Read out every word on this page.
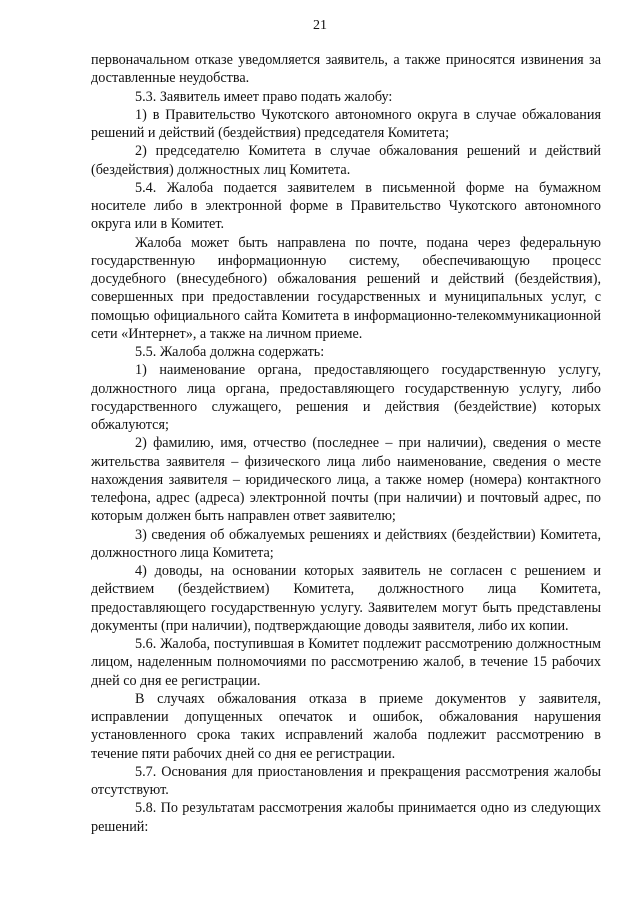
21

первоначальном отказе уведомляется заявитель, а также приносятся извинения за доставленные неудобства.

5.3. Заявитель имеет право подать жалобу:

1) в Правительство Чукотского автономного округа в случае обжалования решений и действий (бездействия) председателя Комитета;

2) председателю Комитета в случае обжалования решений и действий (бездействия) должностных лиц Комитета.

5.4. Жалоба подается заявителем в письменной форме на бумажном носителе либо в электронной форме в Правительство Чукотского автономного округа или в Комитет.

Жалоба может быть направлена по почте, подана через федеральную государственную информационную систему, обеспечивающую процесс досудебного (внесудебного) обжалования решений и действий (бездействия), совершенных при предоставлении государственных и муниципальных услуг, с помощью официального сайта Комитета в информационно-телекоммуникационной сети «Интернет», а также на личном приеме.

5.5. Жалоба должна содержать:

1) наименование органа, предоставляющего государственную услугу, должностного лица органа, предоставляющего государственную услугу, либо государственного служащего, решения и действия (бездействие) которых обжалуются;

2) фамилию, имя, отчество (последнее – при наличии), сведения о месте жительства заявителя – физического лица либо наименование, сведения о месте нахождения заявителя – юридического лица, а также номер (номера) контактного телефона, адрес (адреса) электронной почты (при наличии) и почтовый адрес, по которым должен быть направлен ответ заявителю;

3) сведения об обжалуемых решениях и действиях (бездействии) Комитета, должностного лица Комитета;

4) доводы, на основании которых заявитель не согласен с решением и действием (бездействием) Комитета, должностного лица Комитета, предоставляющего государственную услугу. Заявителем могут быть представлены документы (при наличии), подтверждающие доводы заявителя, либо их копии.

5.6. Жалоба, поступившая в Комитет подлежит рассмотрению должностным лицом, наделенным полномочиями по рассмотрению жалоб, в течение 15 рабочих дней со дня ее регистрации.

В случаях обжалования отказа в приеме документов у заявителя, исправлении допущенных опечаток и ошибок, обжалования нарушения установленного срока таких исправлений жалоба подлежит рассмотрению в течение пяти рабочих дней со дня ее регистрации.

5.7. Основания для приостановления и прекращения рассмотрения жалобы отсутствуют.

5.8. По результатам рассмотрения жалобы принимается одно из следующих решений:
